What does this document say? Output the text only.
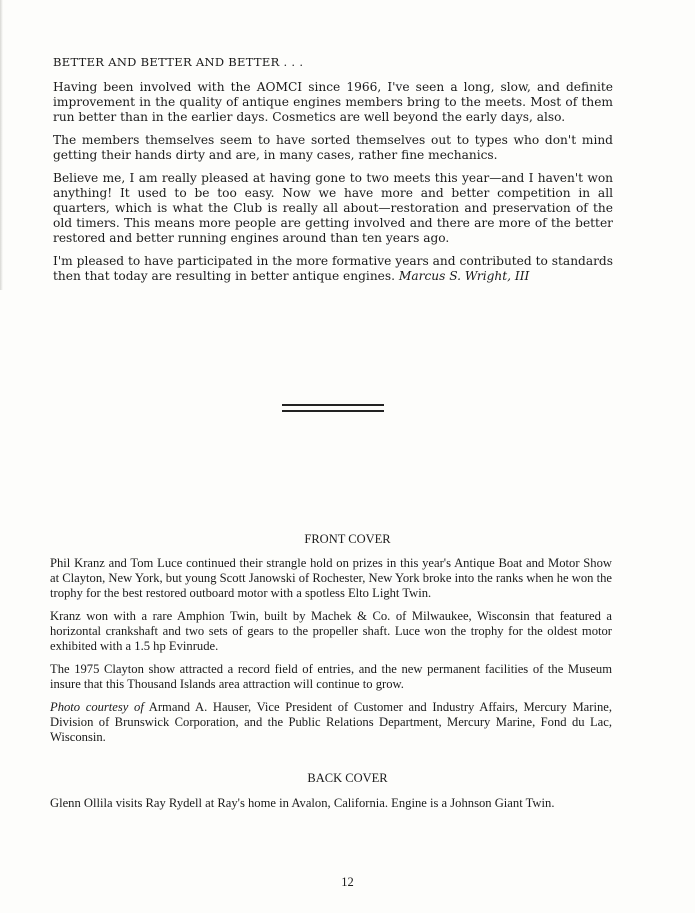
BETTER AND BETTER AND BETTER . . .

Having been involved with the AOMCI since 1966, I've seen a long, slow, and definite improvement in the quality of antique engines members bring to the meets. Most of them run better than in the earlier days. Cosmetics are well beyond the early days, also.

The members themselves seem to have sorted themselves out to types who don't mind getting their hands dirty and are, in many cases, rather fine mechanics.

Believe me, I am really pleased at having gone to two meets this year—and I haven't won anything! It used to be too easy. Now we have more and better competition in all quarters, which is what the Club is really all about—restoration and preservation of the old timers. This means more people are getting involved and there are more of the better restored and better running engines around than ten years ago.

I'm pleased to have participated in the more formative years and contributed to standards then that today are resulting in better antique engines. Marcus S. Wright, III

FRONT COVER

Phil Kranz and Tom Luce continued their strangle hold on prizes in this year's Antique Boat and Motor Show at Clayton, New York, but young Scott Janowski of Rochester, New York broke into the ranks when he won the trophy for the best restored outboard motor with a spotless Elto Light Twin.

Kranz won with a rare Amphion Twin, built by Machek & Co. of Milwaukee, Wisconsin that featured a horizontal crankshaft and two sets of gears to the propeller shaft. Luce won the trophy for the oldest motor exhibited with a 1.5 hp Evinrude.

The 1975 Clayton show attracted a record field of entries, and the new permanent facilities of the Museum insure that this Thousand Islands area attraction will continue to grow.

Photo courtesy of Armand A. Hauser, Vice President of Customer and Industry Affairs, Mercury Marine, Division of Brunswick Corporation, and the Public Relations Department, Mercury Marine, Fond du Lac, Wisconsin.

BACK COVER

Glenn Ollila visits Ray Rydell at Ray's home in Avalon, California. Engine is a Johnson Giant Twin.

12
